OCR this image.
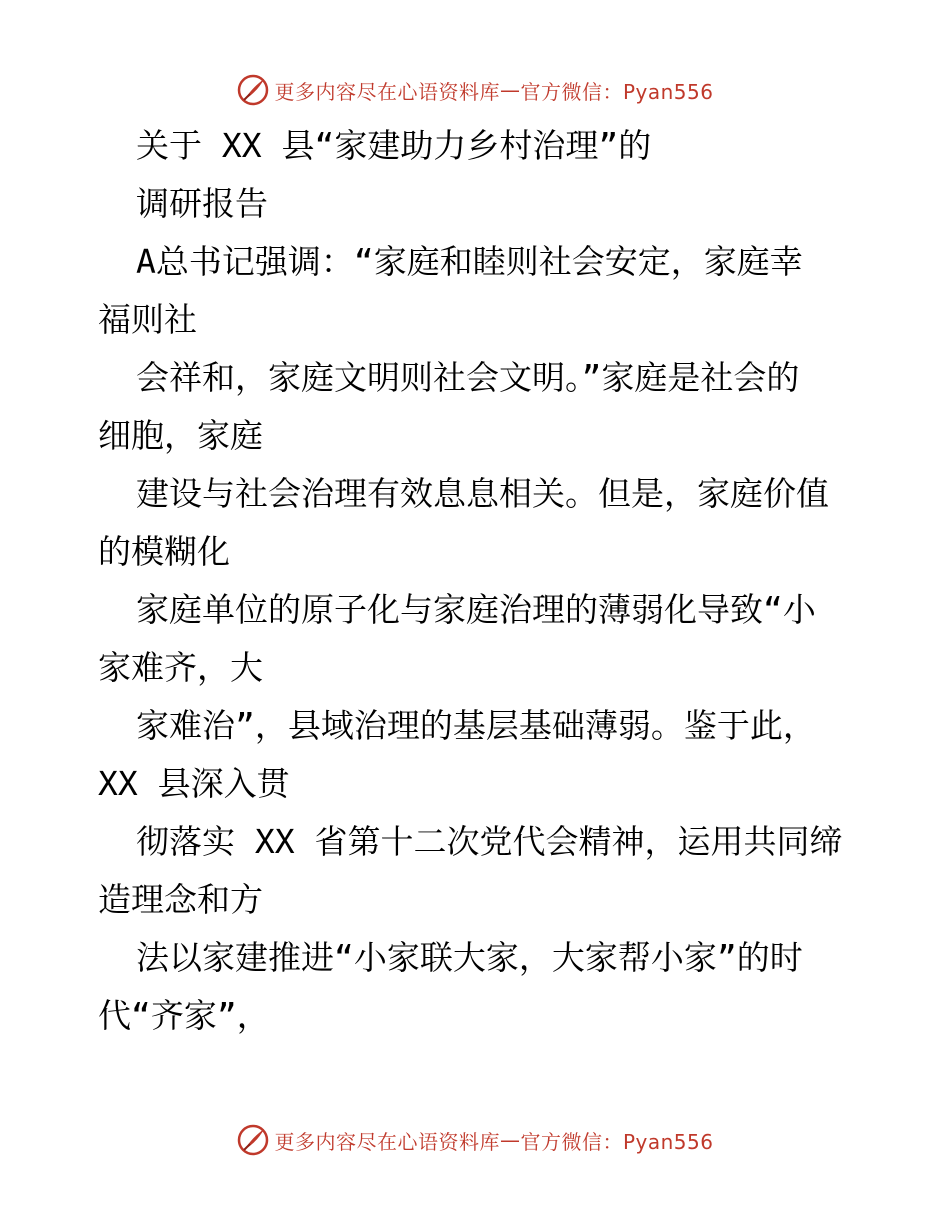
更多内容尽在心语资料库 — 官方微信：Pyan556
关于 XX 县“家建助力乡村治理”的
调研报告
A总书记强调：“家庭和睦则社会安定，家庭幸
福则社
会祥和，家庭文明则社会文明。”家庭是社会的
细胞，家庭
建设与社会治理有效息息相关。但是，家庭价值
的模糊化
家庭单位的原子化与家庭治理的薄弱化导致“小
家难齐，大
家难治”，县域治理的基层基础薄弱。鉴于此，
XX 县深入贯
彻落实 XX 省第十二次党代会精神，运用共同缔
造理念和方
法以家建推进“小家联大家，大家帮小家”的时
代“齐家”，
更多内容尽在心语资料库 — 官方微信：Pyan556
